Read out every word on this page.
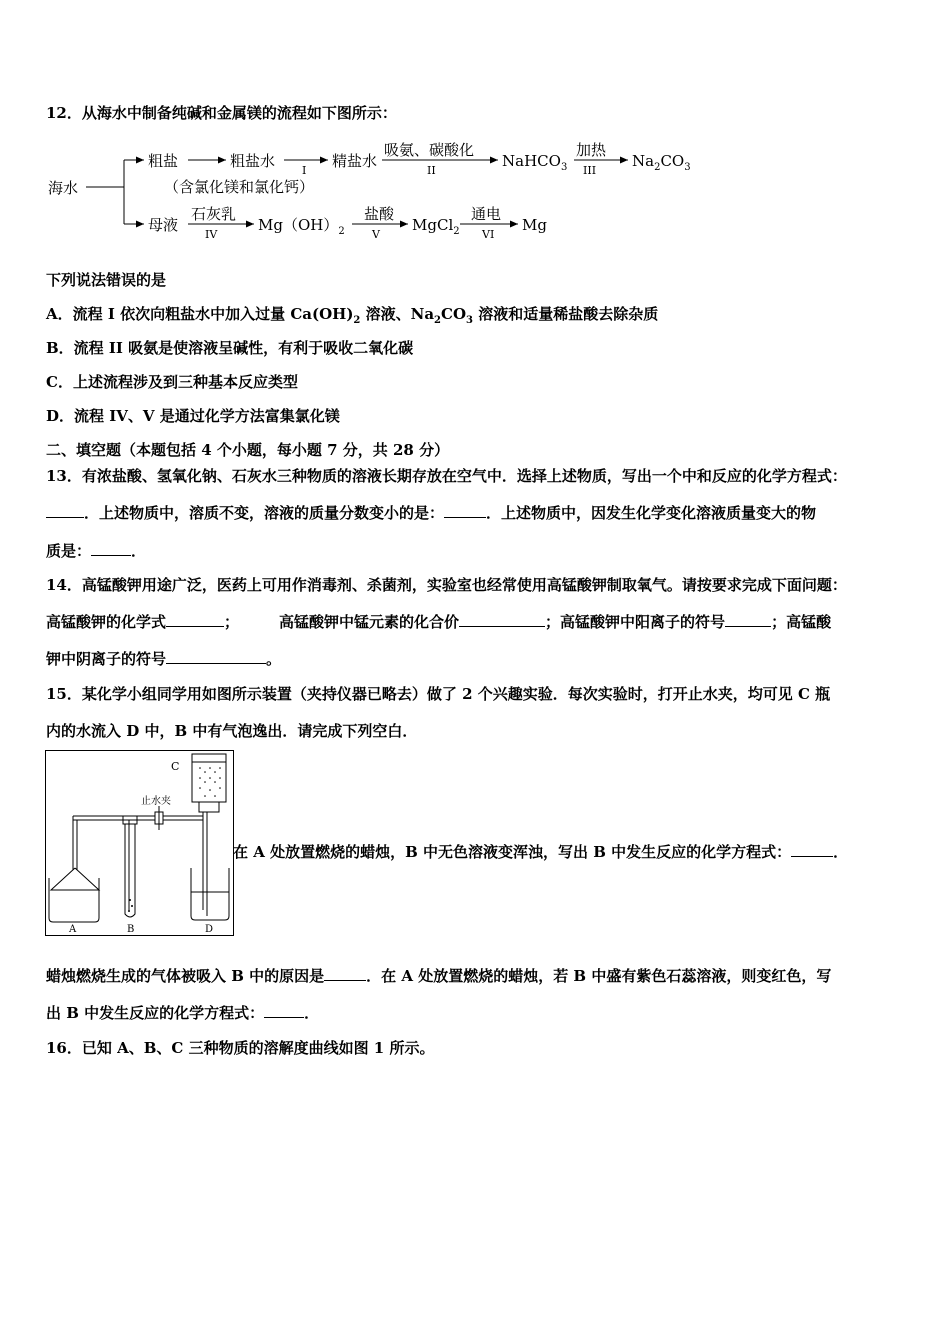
12．从海水中制备纯碱和金属镁的流程如下图所示：
海水
粗盐	粗盐水
（含氯化镁和氯化钙）
I
精盐水
吸氨、碳酸化
II
NaHCO$_3$
加热
III
$Na_2CO_3$
母液
石灰乳
IV
$Mg(OH)_2$
盐酸
V
MgCl$_2$
通电
VI
Mg
下列说法错误的是
A．流程 I 依次向粗盐水中加入过量 $Ca(OH)_2$ 溶液、$Na_2CO_3$ 溶液和适量稀盐酸去除杂质
B．流程 II 吸氨是使溶液呈碱性，有利于吸收二氧化碳
C．上述流程涉及到三种基本反应类型
D．流程 IV、V 是通过化学方法富集氯化镁
二、填空题（本题包括 4 个小题，每小题 7 分，共 28 分）
13．有浓盐酸、氢氧化钠、石灰水三种物质的溶液长期存放在空气中．选择上述物质，写出一个中和反应的化学方程式：
．上述物质中，溶质不变，溶液的质量分数变小的是：	．上述物质中，因发生化学变化溶液质量变大的物
质是：	．
14．高锰酸钾用途广泛，医药上可用作消毒剂、杀菌剂，实验室也经常使用高锰酸钾制取氧气。请按要求完成下面问题：
高锰酸钾的化学式	；	高锰酸钾中锰元素的化合价	；高锰酸钾中阳离子的符号	；高锰酸
钾中阴离子的符号	。
15．某化学小组同学用如图所示装置（夹持仪器已略去）做了 2 个兴趣实验．每次实验时，打开止水夹，均可见 C 瓶
内的水流入 D 中，B 中有气泡逸出．请完成下列空白．
C
止水夹
A	B	D
在 A 处放置燃烧的蜡烛，B 中无色溶液变浑浊，写出 B 中发生反应的化学方程式：	．
蜡烛燃烧生成的气体被吸入 B 中的原因是	．在 A 处放置燃烧的蜡烛，若 B 中盛有紫色石蕊溶液，则变红色，写
出 B 中发生反应的化学方程式：	．
16．已知 A、B、C 三种物质的溶解度曲线如图 1 所示。
